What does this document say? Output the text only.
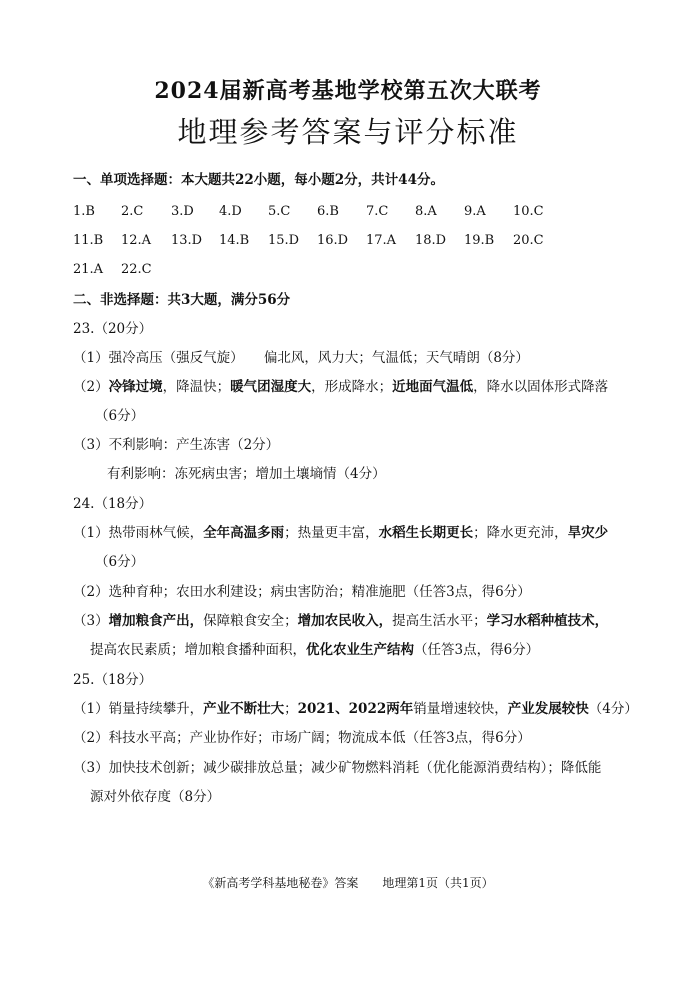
2024届新高考基地学校第五次大联考
地理参考答案与评分标准
一、单项选择题：本大题共22小题，每小题2分，共计44分。
1.B 2.C 3.D 4.D 5.C 6.B 7.C 8.A 9.A 10.C
11.B 12.A 13.D 14.B 15.D 16.D 17.A 18.D 19.B 20.C
21.A 22.C
二、非选择题：共3大题，满分56分
23.（20分）
（1）强冷高压（强反气旋）　　偏北风，风力大；气温低；天气晴朗（8分）
（2）冷锋过境，降温快；暖气团湿度大，形成降水；近地面气温低，降水以固体形式降落
（6分）
（3）不利影响：产生冻害（2分）
有利影响：冻死病虫害；增加土壤墒情（4分）
24.（18分）
（1）热带雨林气候，全年高温多雨；热量更丰富，水稻生长期更长；降水更充沛，旱灾少
（6分）
（2）选种育种；农田水利建设；病虫害防治；精准施肥（任答3点，得6分）
（3）增加粮食产出，保障粮食安全；增加农民收入，提高生活水平；学习水稻种植技术，
提高农民素质；增加粮食播种面积，优化农业生产结构（任答3点，得6分）
25.（18分）
（1）销量持续攀升，产业不断壮大；2021、2022两年销量增速较快，产业发展较快（4分）
（2）科技水平高；产业协作好；市场广阔；物流成本低（任答3点，得6分）
（3）加快技术创新；减少碳排放总量；减少矿物燃料消耗（优化能源消费结构）；降低能
源对外依存度（8分）
《新高考学科基地秘卷》答案　　地理第1页（共1页）
